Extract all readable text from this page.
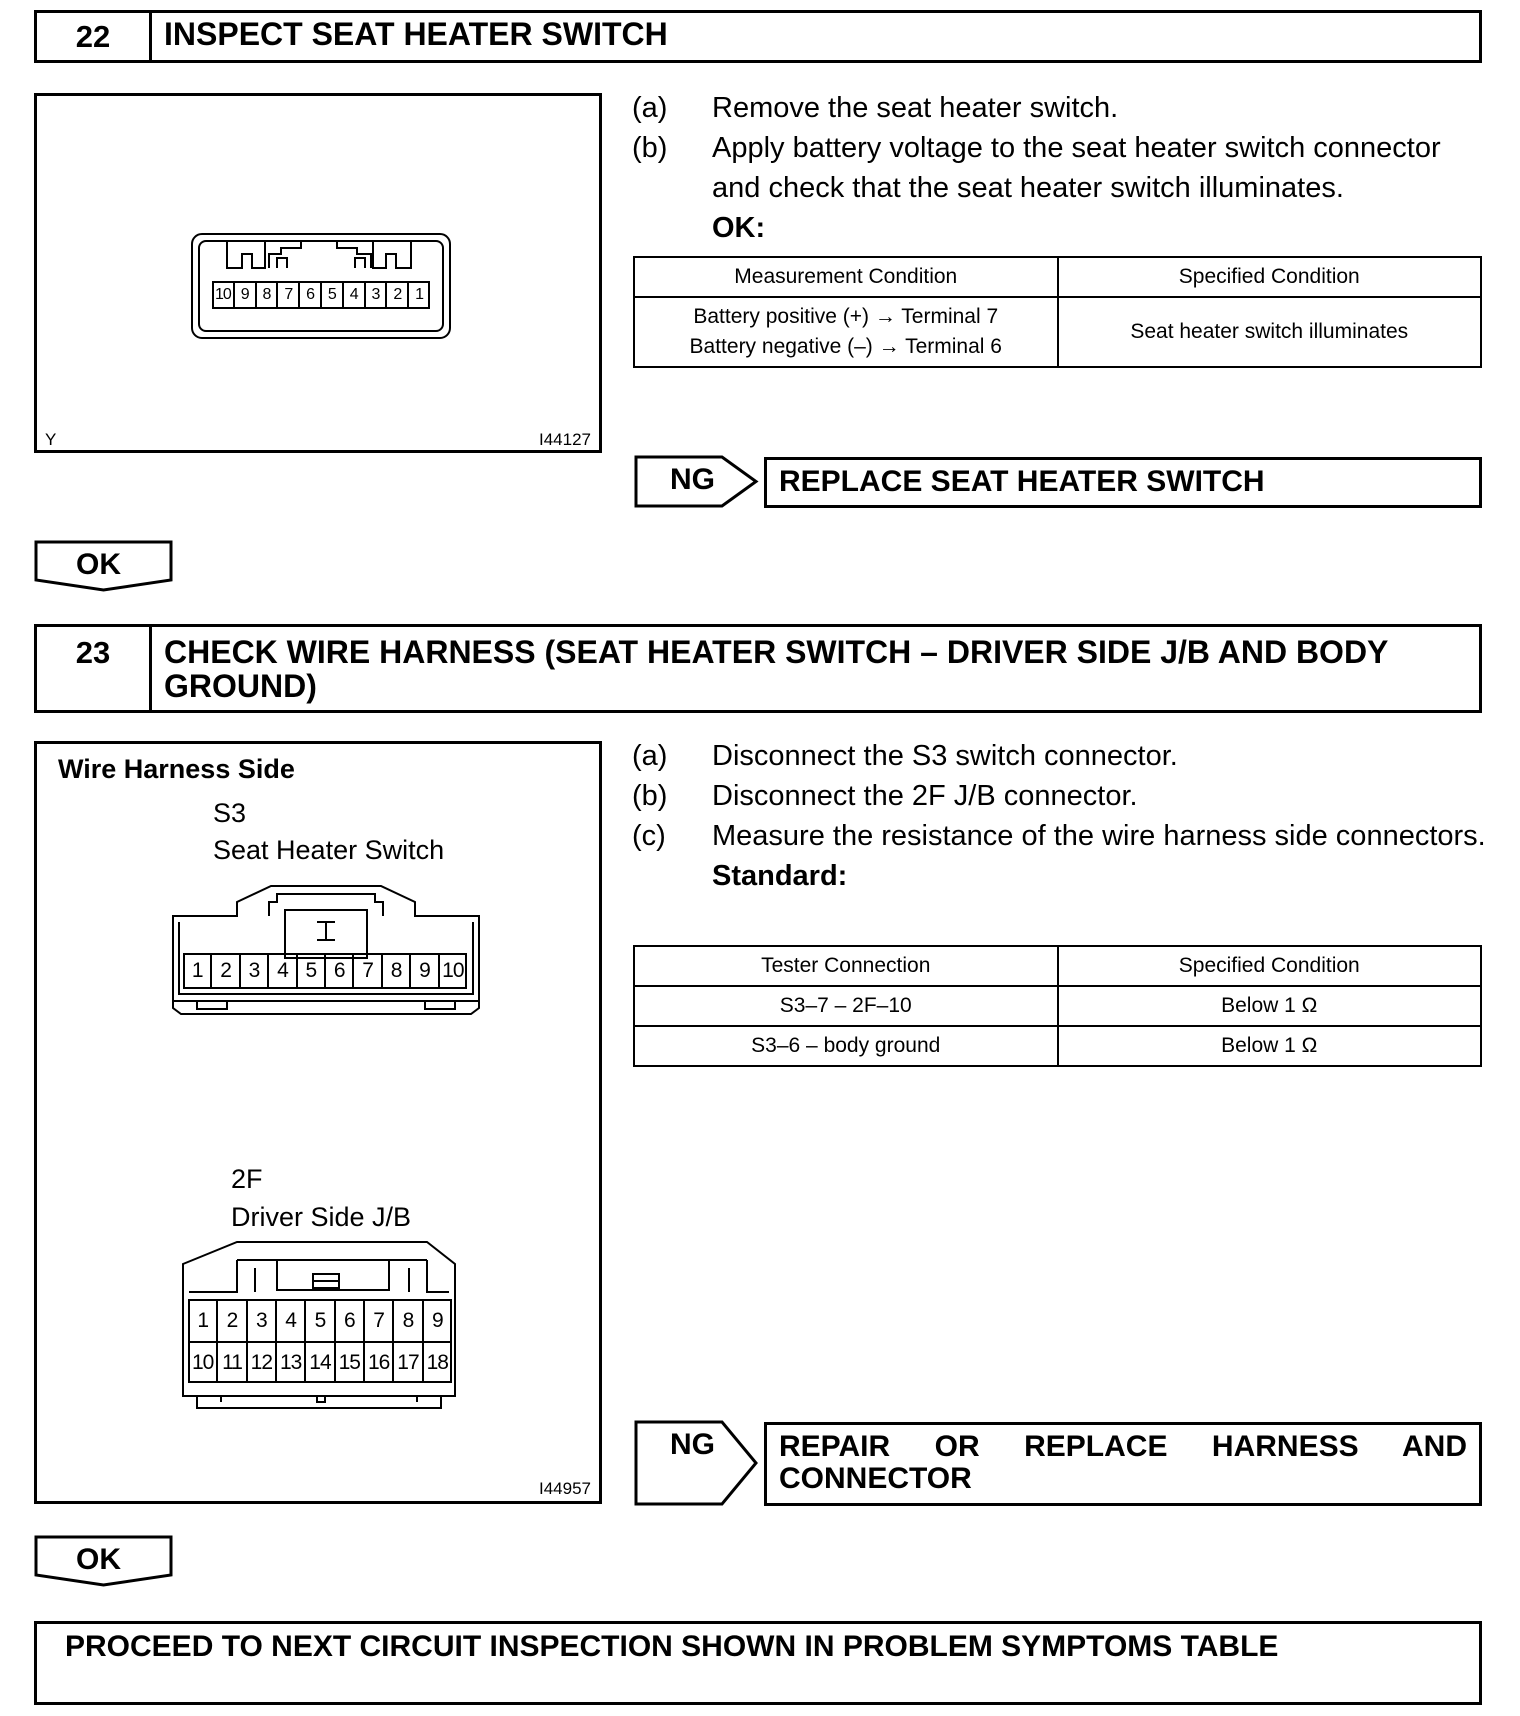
22	INSPECT SEAT HEATER SWITCH
10 9 8 7 6 5 4 3 2 1
Y	I44127
(a)	Remove the seat heater switch.
(b)	Apply battery voltage to the seat heater switch connector and check that the seat heater switch illuminates.
OK:
Measurement Condition	Specified Condition

Battery positive (+) → Terminal 7
Battery negative (–) → Terminal 6	Seat heater switch illuminates
NG	REPLACE SEAT HEATER SWITCH
OK
23	CHECK WIRE HARNESS (SEAT HEATER SWITCH – DRIVER SIDE J/B AND BODY GROUND)
Wire Harness Side
S3
Seat Heater Switch
1 2 3 4 5 6 7 8 9 10
2F
Driver Side J/B
1 2 3 4 5 6 7 8 9
10 11 12 13 14 15 16 17 18
I44957
(a)	Disconnect the S3 switch connector.
(b)	Disconnect the 2F J/B connector.
(c)	Measure the resistance of the wire harness side connectors.
Standard:
Tester Connection	Specified Condition
S3–7 – 2F–10	Below 1 Ω
S3–6 – body ground	Below 1 Ω
NG	REPAIR OR REPLACE HARNESS AND CONNECTOR
OK
PROCEED TO NEXT CIRCUIT INSPECTION SHOWN IN PROBLEM SYMPTOMS TABLE
